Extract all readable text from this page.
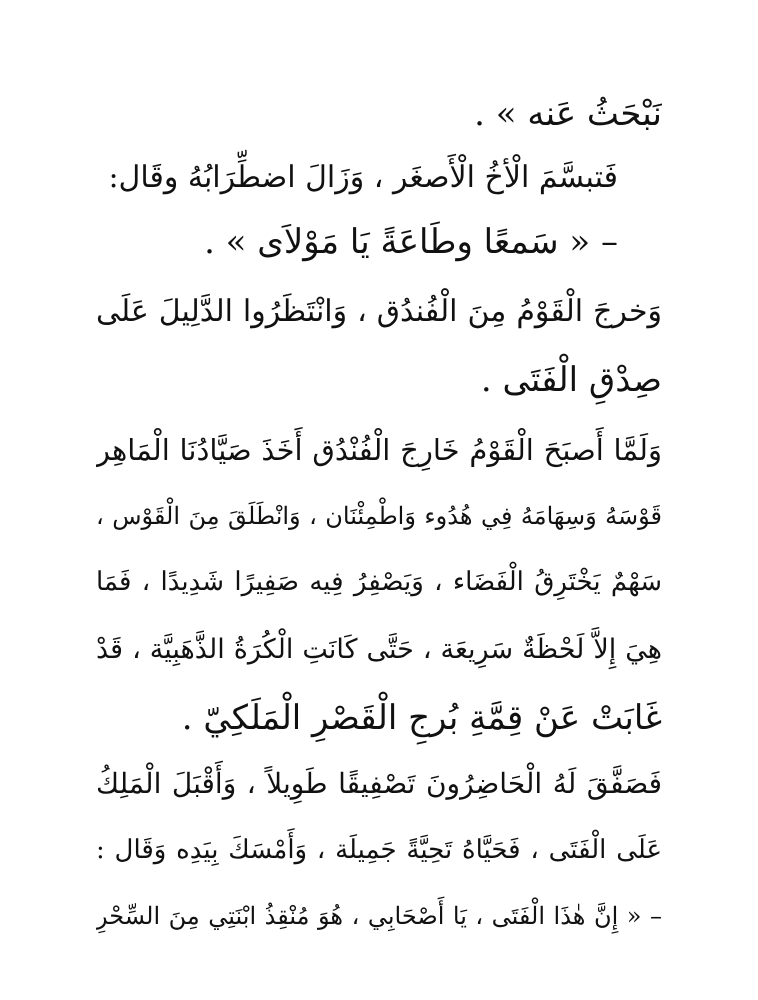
نَبْحَثُ عَنه » .

فَتبسَّمَ الْأخُ الْأَصغَر ، وَزَالَ اضطِّرَابُهُ وقَال:

– « سَمعًا وطَاعَةً يَا مَوْلاَى » .

وَخرجَ الْقَوْمُ مِنَ الْفُندُق ، وَانْتَظَرُوا الدَّلِيلَ عَلَى

صِدْقِ الْفَتَى .

وَلَمَّا أَصبَحَ الْقَوْمُ خَارِجَ الْفُنْدُق أَخَذَ صَيَّادُنَا الْمَاهِر

قَوْسَهُ وَسِهَامَهُ فِي هُدُوء وَاطْمِئْنَان ، وَانْطَلَقَ مِنَ الْقَوْس ،

سَهْمٌ يَخْتَرِقُ الْفَضَاء ، وَيَصْفِرُ فِيه صَفِيرًا شَدِيدًا ، فَمَا

هِيَ إِلاَّ لَحْظَةٌ سَرِيعَة ، حَتَّى كَانَتِ الْكُرَةُ الذَّهَبِيَّة ، قَدْ

غَابَتْ عَنْ قِمَّةِ بُرجِ الْقَصْرِ الْمَلَكِيّ .

فَصَفَّقَ لَهُ الْحَاضِرُونَ تَصْفِيقًا طَوِيلاً ، وَأَقْبَلَ الْمَلِكُ

عَلَى الْفَتَى ، فَحَيَّاهُ تَحِيَّةً جَمِيلَة ، وَأَمْسَكَ بِيَدِه وَقَال :

– « إِنَّ هٰذَا الْفَتَى ، يَا أَصْحَابِي ، هُوَ مُنْقِذُ ابْنَتِي مِنَ السِّحْرِ
